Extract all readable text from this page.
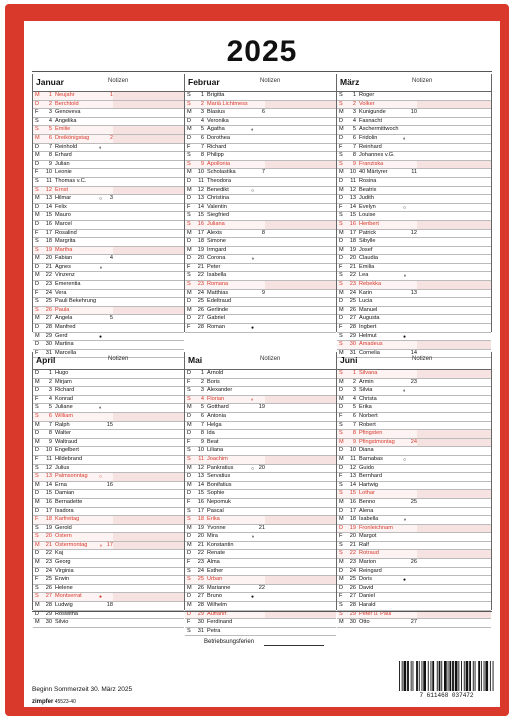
2025
Januar	Notizen
M	1 Neujahr	1
D	2 Berchtold
F	3 Genoveva
S	4 Angelika
S	5 Emilie
M	6 Dreikönigstag	2
D	7 Reinhold	◐
M	8 Erhard
D	9 Julian
F	10 Leonie
S	11 Thomas v.C.
S	12 Ernst
M	13 Hilmar	○	3
D	14 Felix
M	15 Mauro
D	16 Marcel
F	17 Rosalind
S	18 Margrita
S	19 Martha
M	20 Fabian	4
D	21 Agnes	◑
M	22 Vinzenz
D	23 Emerentia
F	24 Vera
S	25 Pauli Bekehrung
S	26 Paula
M	27 Angela	5
D	28 Manfred
M	29 Gerd	●
D	30 Martina
F	31 Marcella
Februar	Notizen
S	1 Brigitta
S	2 Mariä Lichtmess
M	3 Blasius	6
D	4 Veronika
M	5 Agatha	◐
D	6 Dorothea
F	7 Richard
S	8 Philipp
S	9 Apollonia
M	10 Scholastika	7
D	11 Theodora
M	12 Benedikt	○
D	13 Christina
F	14 Valentin
S	15 Siegfried
S	16 Juliana
M	17 Alexis	8
D	18 Simone
M	19 Irmgard
D	20 Corona	◑
F	21 Peter
S	22 Isabella
S	23 Romana
M	24 Matthias	9
D	25 Edeltraud
M	26 Gerlinde
D	27 Gabriel
F	28 Roman	●
März	Notizen
S	1 Roger
S	2 Volker
M	3 Kunigunde	10
D	4 Fasnacht
M	5 Aschermittwoch
D	6 Fridolin	◐
F	7 Reinhard
S	8 Johannes v.G.
S	9 Franziska
M	10 40 Märtyrer	11
D	11 Rosina
M	12 Beatrix
D	13 Judith
F	14 Evelyn	○
S	15 Louise
S	16 Heribert
M	17 Patrick	12
D	18 Sibylle
M	19 Josef
D	20 Claudia
F	21 Emilia
S	22 Lea	◑
S	23 Rebekka
M	24 Karin	13
D	25 Lucia
M	26 Manuel
D	27 Augusta
F	28 Ingbert
S	29 Helmut	●
S	30 Amadeus
M	31 Cornelia	14
April	Notizen
D	1 Hugo
M	2 Mirjam
D	3 Richard
F	4 Konrad
S	5 Juliane	◐
S	6 William
M	7 Ralph	15
D	8 Walter
M	9 Waltraud
D	10 Engelbert
F	11 Hildebrand
S	12 Julius
S	13 Palmsonntag	○
M	14 Erna	16
D	15 Damian
M	16 Bernadette
D	17 Isadora
F	18 Karfreitag
S	19 Gerold
S	20 Ostern
M	21 Ostermontag	◑ 17
D	22 Kaj
M	23 Georg
D	24 Virginia
F	25 Erwin
S	26 Helene
S	27 Montserrat	●
M	28 Ludwig	18
D	29 Roswitha
M	30 Silvio
Mai	Notizen
D	1 Arnold
F	2 Boris
S	3 Alexander
S	4 Florian	◐
M	5 Gotthard	19
D	6 Antonia
M	7 Helga
D	8 Ida
F	9 Beat
S	10 Liliana
S	11 Joachim
M	12 Pankratius	○ 20
D	13 Servatius
M	14 Bonifatius
D	15 Sophie
F	16 Nepomuk
S	17 Pascal
S	18 Erika
M	19 Yvonne	21
D	20 Mira	◑
M	21 Konstantin
D	22 Renate
F	23 Alma
S	24 Esther
S	25 Urban
M	26 Marianne	22
D	27 Bruno	●
M	28 Wilhelm
D	29 Auffahrt
F	30 Ferdinand
S	31 Petra
Juni	Notizen
S	1 Silvana
M	2 Armin	23
D	3 Silvia	◐
M	4 Christa
D	5 Erika
F	6 Norbert
S	7 Robert
S	8 Pfingsten
M	9 Pfingstmontag	24
D	10 Diana
M	11 Barnabas	○
D	12 Guido
F	13 Bernhard
S	14 Hartwig
S	15 Lothar
M	16 Benno	25
D	17 Alena
M	18 Isabella	◑
D	19 Fronleichnam
F	20 Margot
S	21 Ralf
S	22 Rotraud
M	23 Marion	26
D	24 Reingard
M	25 Doris	●
D	26 David
F	27 Daniel
S	28 Harald
S	29 Peter u. Paul
M	30 Otto	27
Betriebsungsferien
Beginn Sommerzeit 30. März 2025
zimpfer 45523-40
7 611468 037472
